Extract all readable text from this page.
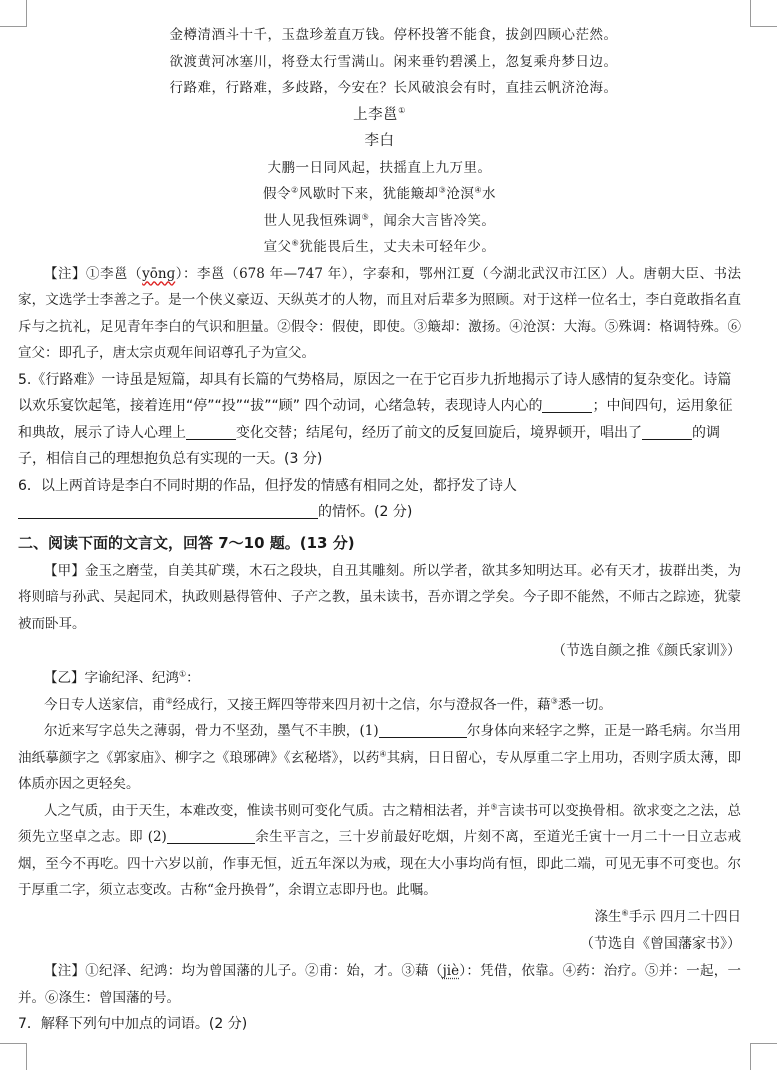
金樽清酒斗十千，玉盘珍羞直万钱。停杯投箸不能食，拔剑四顾心茫然。
欲渡黄河冰塞川，将登太行雪满山。闲来垂钓碧溪上，忽复乘舟梦日边。
行路难，行路难，多歧路，今安在？长风破浪会有时，直挂云帆济沧海。
上李邕①
李白
大鹏一日同风起，扶摇直上九万里。
假令②风歇时下来，犹能簸却③沧溟④水
世人见我恒殊调⑤，闻余大言皆冷笑。
宣父⑥犹能畏后生，丈夫未可轻年少。
【注】①李邕（yōnɡ）：李邕（678 年—747 年），字泰和，鄂州江夏（今湖北武汉市江区）人。唐朝大臣、书法家，文选学士李善之子。是一个侠义豪迈、天纵英才的人物，而且对后辈多为照顾。对于这样一位名士，李白竟敢指名直斥与之抗礼，足见青年李白的气识和胆量。②假令：假使，即使。③簸却：激扬。④沧溟：大海。⑤殊调：格调特殊。⑥宣父：即孔子，唐太宗贞观年间诏尊孔子为宣父。
5.《行路难》一诗虽是短篇，却具有长篇的气势格局，原因之一在于它百步九折地揭示了诗人感情的复杂变化。诗篇以欢乐宴饮起笔，接着连用“停”“投”“拔”“顾” 四个动词，心绪急转，表现诗人内心的	；中间四句，运用象征和典故，展示了诗人心理上	变化交替；结尾句，经历了前文的反复回旋后，境界顿开，唱出了	的调子，相信自己的理想抱负总有实现的一天。(3 分)
6．以上两首诗是李白不同时期的作品，但抒发的情感有相同之处，都抒发了诗人
的情怀。(2 分)
二、阅读下面的文言文，回答 7～10 题。(13 分)
【甲】金玉之磨莹，自美其矿璞，木石之段块，自丑其雕刻。所以学者，欲其多知明达耳。必有天才，拔群出类，为将则暗与孙武、吴起同术，执政则悬得管仲、子产之教，虽未读书，吾亦谓之学矣。今子即不能然，不师古之踪迹，犹蒙被而卧耳。
（节选自颜之推《颜氏家训》）
【乙】字谕纪泽、纪鸿①：
今日专人送家信，甫②经成行，又接王辉四等带来四月初十之信，尔与澄叔各一件，藉③悉一切。
尔近来写字总失之薄弱，骨力不坚劲，墨气不丰腴，(1)	尔身体向来轻字之弊，正是一路毛病。尔当用油纸摹颜字之《郭家庙》、柳字之《琅琊碑》《玄秘塔》，以药④其病，日日留心，专从厚重二字上用功，否则字质太薄，即体质亦因之更轻矣。
人之气质，由于天生，本难改变，惟读书则可变化气质。古之精相法者，并⑤言读书可以变换骨相。欲求变之之法，总须先立坚卓之志。即 (2)	余生平言之，三十岁前最好吃烟，片刻不离，至道光壬寅十一月二十一日立志戒烟，至今不再吃。四十六岁以前，作事无恒，近五年深以为戒，现在大小事均尚有恒，即此二端，可见无事不可变也。尔于厚重二字，须立志变改。古称“金丹换骨”，余谓立志即丹也。此嘱。
涤生⑥手示 四月二十四日
（节选自《曾国藩家书》）
【注】①纪泽、纪鸿：均为曾国藩的儿子。②甫：始，才。③藉（jiè）：凭借，依靠。④药：治疗。⑤并：一起，一并。⑥涤生：曾国藩的号。
7．解释下列句中加点的词语。(2 分)
